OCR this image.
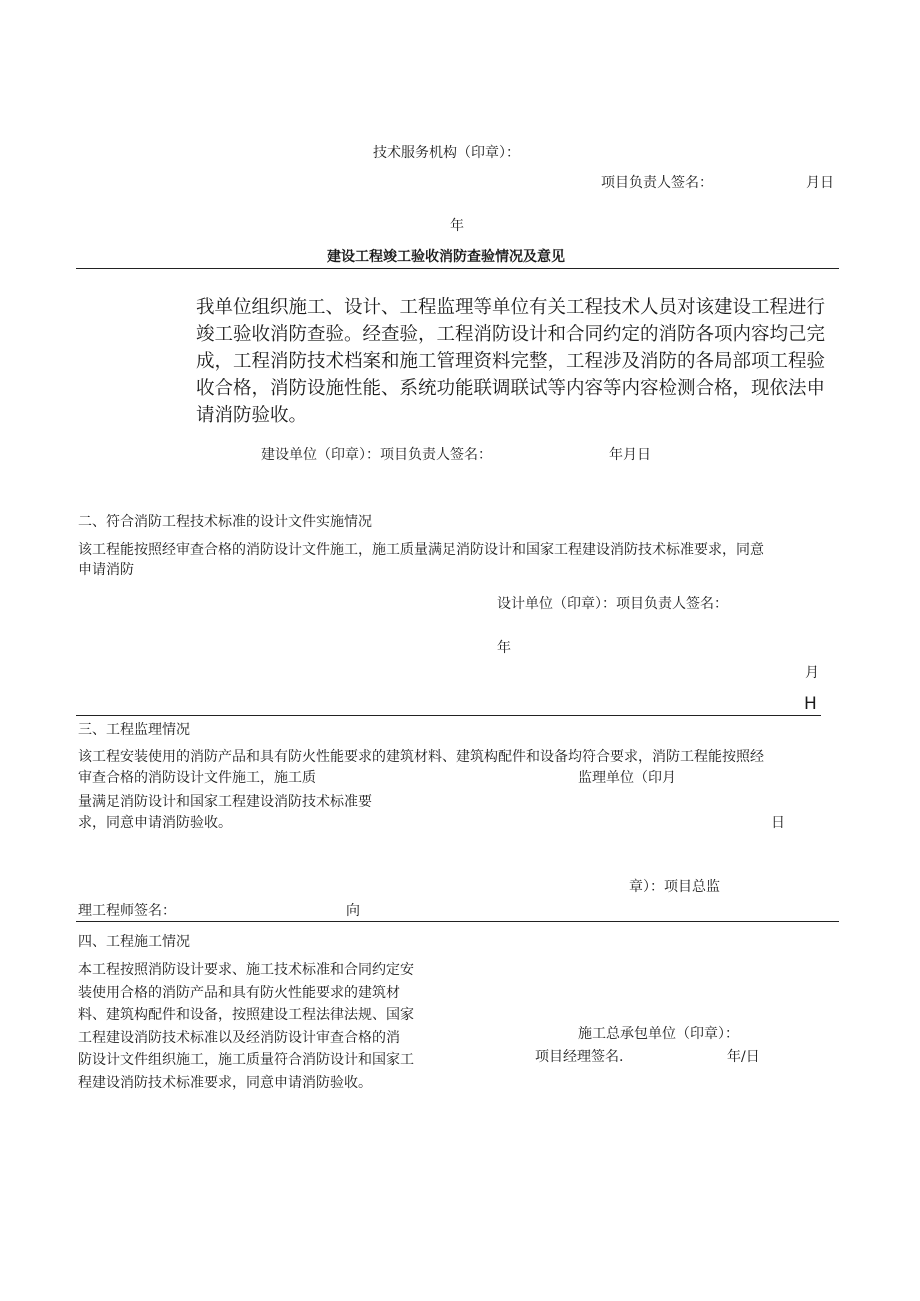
技术服务机构（印章）：
项目负责人签名：	月日
年
建设工程竣工验收消防查验情况及意见
我单位组织施工、设计、工程监理等单位有关工程技术人员对该建设工程进行
竣工验收消防查验。经查验，工程消防设计和合同约定的消防各项内容均己完
成，工程消防技术档案和施工管理资料完整，工程涉及消防的各局部项工程验
收合格，消防设施性能、系统功能联调联试等内容等内容检测合格，现依法申
请消防验收。
建设单位（印章）：项目负责人签名：	年月日
二、符合消防工程技术标准的设计文件实施情况
该工程能按照经审查合格的消防设计文件施工，施工质量满足消防设计和国家工程建设消防技术标准要求，同意
申请消防
设计单位（印章）：项目负责人签名：
年
月
H
三、工程监理情况
该工程安装使用的消防产品和具有防火性能要求的建筑材料、建筑构配件和设备均符合要求，消防工程能按照经
审查合格的消防设计文件施工，施工质	监理单位（印月
量满足消防设计和国家工程建设消防技术标准要
求，同意申请消防验收。	日
章）：项目总监
理工程师签名：	向
四、工程施工情况
本工程按照消防设计要求、施工技术标准和合同约定安
装使用合格的消防产品和具有防火性能要求的建筑材
料、建筑构配件和设备，按照建设工程法律法规、国家
工程建设消防技术标准以及经消防设计审查合格的消
防设计文件组织施工，施工质量符合消防设计和国家工
程建设消防技术标准要求，同意申请消防验收。
施工总承包单位（印章）：
项目经理签名.	年/日
